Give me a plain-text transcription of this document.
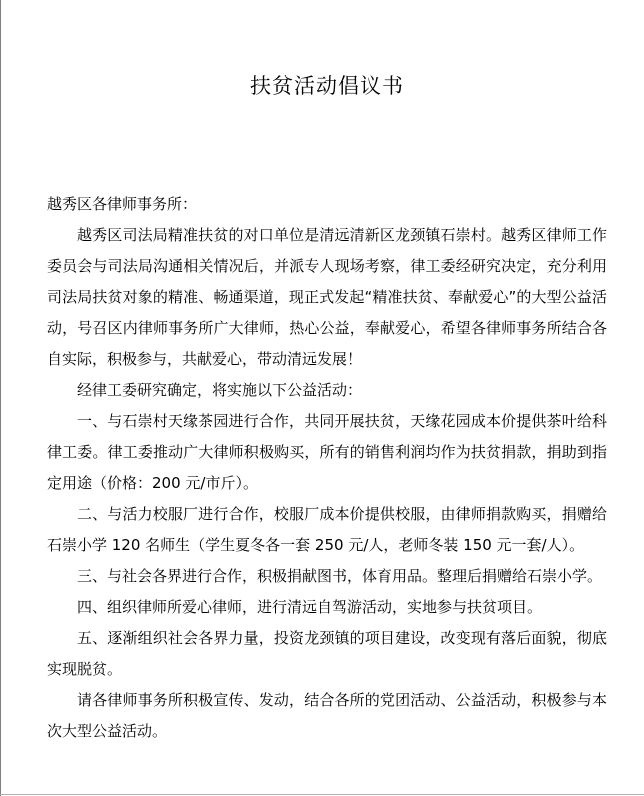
扶贫活动倡议书
越秀区各律师事务所：

越秀区司法局精准扶贫的对口单位是清远清新区龙颈镇石崇村。越秀区律师工作委员会与司法局沟通相关情况后，并派专人现场考察，律工委经研究决定，充分利用司法局扶贫对象的精准、畅通渠道，现正式发起“精准扶贫、奉献爱心”的大型公益活动，号召区内律师事务所广大律师，热心公益，奉献爱心，希望各律师事务所结合各自实际，积极参与，共献爱心，带动清远发展！

经律工委研究确定，将实施以下公益活动：

一、与石崇村天缘茶园进行合作，共同开展扶贫，天缘花园成本价提供茶叶给科律工委。律工委推动广大律师积极购买，所有的销售利润均作为扶贫捐款，捐助到指定用途（价格：200 元/市斤）。

二、与活力校服厂进行合作，校服厂成本价提供校服，由律师捐款购买，捐赠给石崇小学 120 名师生（学生夏冬各一套 250 元/人，老师冬装 150 元一套/人）。

三、与社会各界进行合作，积极捐献图书，体育用品。整理后捐赠给石崇小学。

四、组织律师所爱心律师，进行清远自驾游活动，实地参与扶贫项目。

五、逐渐组织社会各界力量，投资龙颈镇的项目建设，改变现有落后面貌，彻底实现脱贫。

请各律师事务所积极宣传、发动，结合各所的党团活动、公益活动，积极参与本次大型公益活动。
